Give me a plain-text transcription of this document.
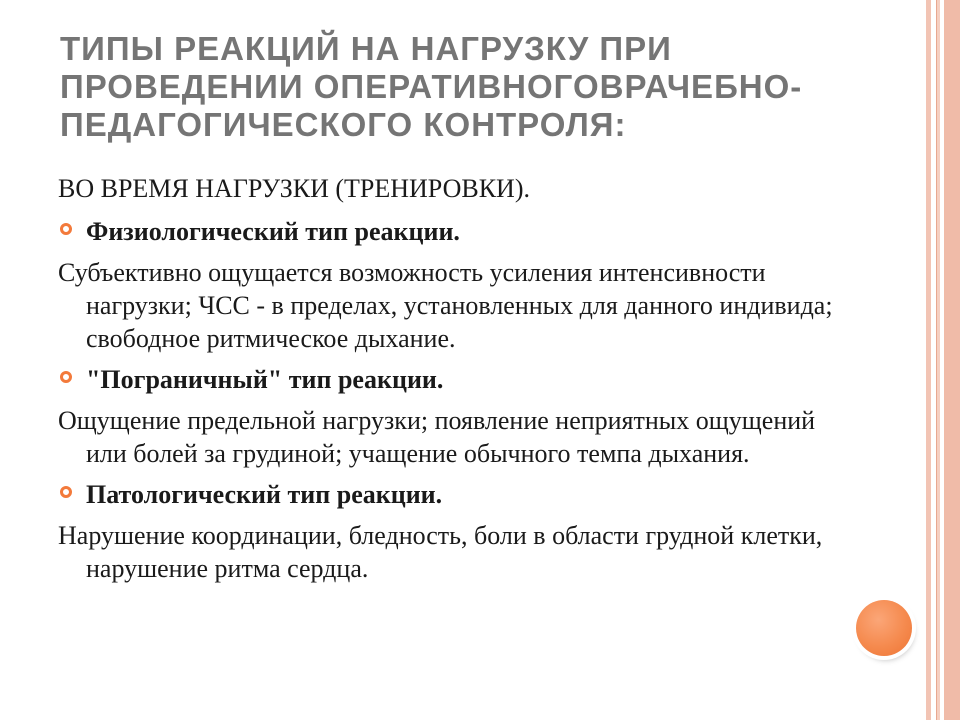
ТИПЫ РЕАКЦИЙ НА НАГРУЗКУ ПРИ ПРОВЕДЕНИИ ОПЕРАТИВНОГОВРАЧЕБНО-ПЕДАГОГИЧЕСКОГО КОНТРОЛЯ:

ВО ВРЕМЯ НАГРУЗКИ (ТРЕНИРОВКИ).

Физиологический тип реакции.

Субъективно ощущается возможность усиления интенсивности нагрузки; ЧСС - в пределах, установленных для данного индивида; свободное ритмическое дыхание.

"Пограничный" тип реакции.

Ощущение предельной нагрузки; появление неприятных ощущений или болей за грудиной; учащение обычного темпа дыхания.

Патологический тип реакции.

Нарушение координации, бледность, боли в области грудной клетки, нарушение ритма сердца.
